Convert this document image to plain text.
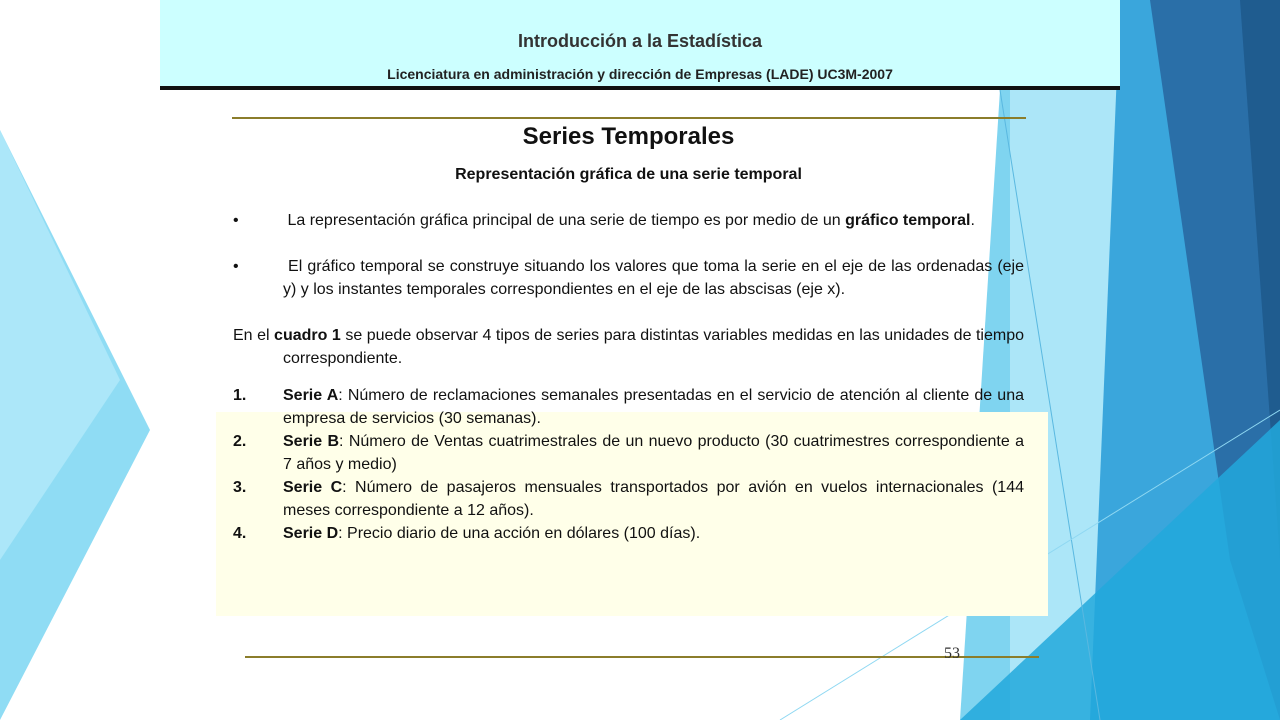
Introducción a la Estadística
Licenciatura en administración y dirección de Empresas (LADE) UC3M-2007
Series Temporales
Representación gráfica de una serie temporal
•	La representación gráfica principal de una serie de tiempo es por medio de un gráfico temporal.
•	El gráfico temporal se construye situando los valores que toma la serie en el eje de las ordenadas (eje y) y los instantes temporales correspondientes en el eje de las abscisas (eje x).
En el cuadro 1 se puede observar 4 tipos de series para distintas variables medidas en las unidades de tiempo correspondiente.
1. Serie A: Número de reclamaciones semanales presentadas en el servicio de atención al cliente de una empresa de servicios (30 semanas).
2. Serie B: Número de Ventas cuatrimestrales de un nuevo producto (30 cuatrimestres correspondiente a 7 años y medio)
3. Serie C: Número de pasajeros mensuales transportados por avión en vuelos internacionales (144 meses correspondiente a 12 años).
4. Serie D: Precio diario de una acción en dólares (100 días).
53
